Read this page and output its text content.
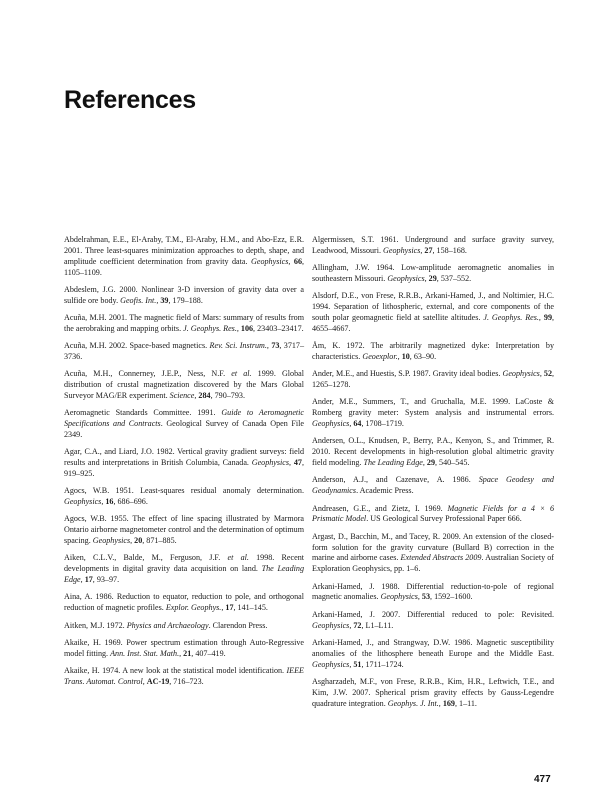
References

Abdelrahman, E.E., El-Araby, T.M., El-Araby, H.M., and Abo-Ezz, E.R. 2001. Three least-squares minimization approaches to depth, shape, and amplitude coefficient determination from gravity data. Geophysics, 66, 1105–1109.

Abdeslem, J.G. 2000. Nonlinear 3-D inversion of gravity data over a sulfide ore body. Geofis. Int., 39, 179–188.

Acuña, M.H. 2001. The magnetic field of Mars: summary of results from the aerobraking and mapping orbits. J. Geophys. Res., 106, 23403–23417.

Acuña, M.H. 2002. Space-based magnetics. Rev. Sci. Instrum., 73, 3717–3736.

Acuña, M.H., Connerney, J.E.P., Ness, N.F. et al. 1999. Global distribution of crustal magnetization discovered by the Mars Global Surveyor MAG/ER experiment. Science, 284, 790–793.

Aeromagnetic Standards Committee. 1991. Guide to Aeromagnetic Specifications and Contracts. Geological Survey of Canada Open File 2349.

Agar, C.A., and Liard, J.O. 1982. Vertical gravity gradient surveys: field results and interpretations in British Columbia, Canada. Geophysics, 47, 919–925.

Agocs, W.B. 1951. Least-squares residual anomaly determination. Geophysics, 16, 686–696.

Agocs, W.B. 1955. The effect of line spacing illustrated by Marmora Ontario airborne magnetometer control and the determination of optimum spacing. Geophysics, 20, 871–885.

Aiken, C.L.V., Balde, M., Ferguson, J.F. et al. 1998. Recent developments in digital gravity data acquisition on land. The Leading Edge, 17, 93–97.

Aina, A. 1986. Reduction to equator, reduction to pole, and orthogonal reduction of magnetic profiles. Explor. Geophys., 17, 141–145.

Aitken, M.J. 1972. Physics and Archaeology. Clarendon Press.

Akaike, H. 1969. Power spectrum estimation through Auto-Regressive model fitting. Ann. Inst. Stat. Math., 21, 407–419.

Akaike, H. 1974. A new look at the statistical model identification. IEEE Trans. Automat. Control, AC-19, 716–723.

Algermissen, S.T. 1961. Underground and surface gravity survey, Leadwood, Missouri. Geophysics, 27, 158–168.

Allingham, J.W. 1964. Low-amplitude aeromagnetic anomalies in southeastern Missouri. Geophysics, 29, 537–552.

Alsdorf, D.E., von Frese, R.R.B., Arkani-Hamed, J., and Noltimier, H.C. 1994. Separation of lithospheric, external, and core components of the south polar geomagnetic field at satellite altitudes. J. Geophys. Res., 99, 4655–4667.

Åm, K. 1972. The arbitrarily magnetized dyke: Interpretation by characteristics. Geoexplor., 10, 63–90.

Ander, M.E., and Huestis, S.P. 1987. Gravity ideal bodies. Geophysics, 52, 1265–1278.

Ander, M.E., Summers, T., and Gruchalla, M.E. 1999. LaCoste & Romberg gravity meter: System analysis and instrumental errors. Geophysics, 64, 1708–1719.

Andersen, O.L., Knudsen, P., Berry, P.A., Kenyon, S., and Trimmer, R. 2010. Recent developments in high-resolution global altimetric gravity field modeling. The Leading Edge, 29, 540–545.

Anderson, A.J., and Cazenave, A. 1986. Space Geodesy and Geodynamics. Academic Press.

Andreasen, G.E., and Zietz, I. 1969. Magnetic Fields for a 4 × 6 Prismatic Model. US Geological Survey Professional Paper 666.

Argast, D., Bacchin, M., and Tacey, R. 2009. An extension of the closed-form solution for the gravity curvature (Bullard B) correction in the marine and airborne cases. Extended Abstracts 2009. Australian Society of Exploration Geophysics, pp. 1–6.

Arkani-Hamed, J. 1988. Differential reduction-to-pole of regional magnetic anomalies. Geophysics, 53, 1592–1600.

Arkani-Hamed, J. 2007. Differential reduced to pole: Revisited. Geophysics, 72, L1–L11.

Arkani-Hamed, J., and Strangway, D.W. 1986. Magnetic susceptibility anomalies of the lithosphere beneath Europe and the Middle East. Geophysics, 51, 1711–1724.

Asgharzadeh, M.F., von Frese, R.R.B., Kim, H.R., Leftwich, T.E., and Kim, J.W. 2007. Spherical prism gravity effects by Gauss-Legendre quadrature integration. Geophys. J. Int., 169, 1–11.

477
